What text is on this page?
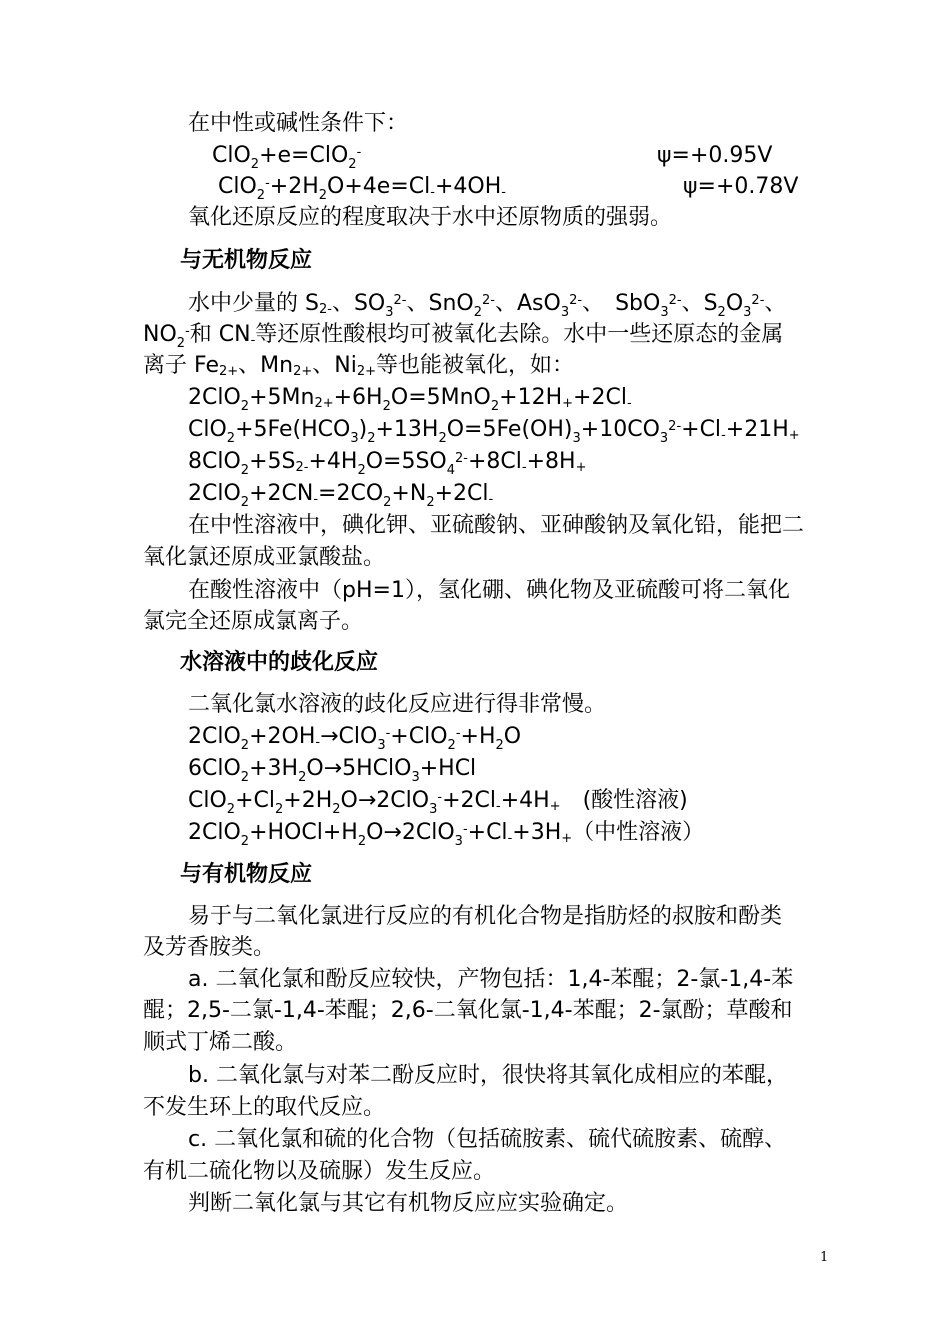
在中性或碱性条件下：
ClO$_2$+e=ClO$_2$-	ψ=+0.95V
$ClO_2^-+2H_2O+4e=Cl-+4OH-$	ψ=+0.78V
氧化还原反应的程度取决于水中还原物质的强弱。
与无机物反应
水中少量的 S2-、$SO_3^{2-}$、SnO$_2^{2-}$、AsO$_3^{2-}$、　SbO$_3^{2-}$、$S_2O_3^{2-}$、
$NO_2^-$和 CN-等还原性酸根均可被氧化去除。水中一些还原态的金属
离子 Fe2+、Mn2+、Ni2+等也能被氧化，如：
$2ClO_2+5Mn2++6H_2O=5MnO_2+12H++2Cl-$
$ClO_2+5Fe(HCO_3)_2+13H_2O=5Fe(OH)_3+10CO_3^{2-}+Cl-+21H+$
$8ClO_2+5S2-+4H_2O=5SO_4^{2-}+8Cl-+8H+$
$2ClO_2+2CN-=2CO_2+N_2+2Cl-$
在中性溶液中，碘化钾、亚硫酸钠、亚砷酸钠及氧化铅，能把二
氧化氯还原成亚氯酸盐。
在酸性溶液中（pH=1），氢化硼、碘化物及亚硫酸可将二氧化
氯完全还原成氯离子。
水溶液中的歧化反应
二氧化氯水溶液的歧化反应进行得非常慢。
$2ClO_2+2OH-\to ClO_3^-+ClO_2^-+H_2O$
$6ClO_2+3H_2O\to 5HClO_3+HCl$
$ClO_2+Cl_2+2H_2O\to 2ClO_3^-+2Cl-+4H+$　(酸性溶液)
$2ClO_2+HOCl+H_2O\to 2ClO_3^-+Cl-+3H+$（中性溶液）
与有机物反应
易于与二氧化氯进行反应的有机化合物是指肪烃的叔胺和酚类
及芳香胺类。
a. 二氧化氯和酚反应较快，产物包括：1,4-苯醌；2-氯-1,4-苯
醌；2,5-二氯-1,4-苯醌；2,6-二氧化氯-1,4-苯醌；2-氯酚；草酸和
顺式丁烯二酸。
b. 二氧化氯与对苯二酚反应时，很快将其氧化成相应的苯醌，
不发生环上的取代反应。
c. 二氧化氯和硫的化合物（包括硫胺素、硫代硫胺素、硫醇、
有机二硫化物以及硫脲）发生反应。
判断二氧化氯与其它有机物反应应实验确定。
1
